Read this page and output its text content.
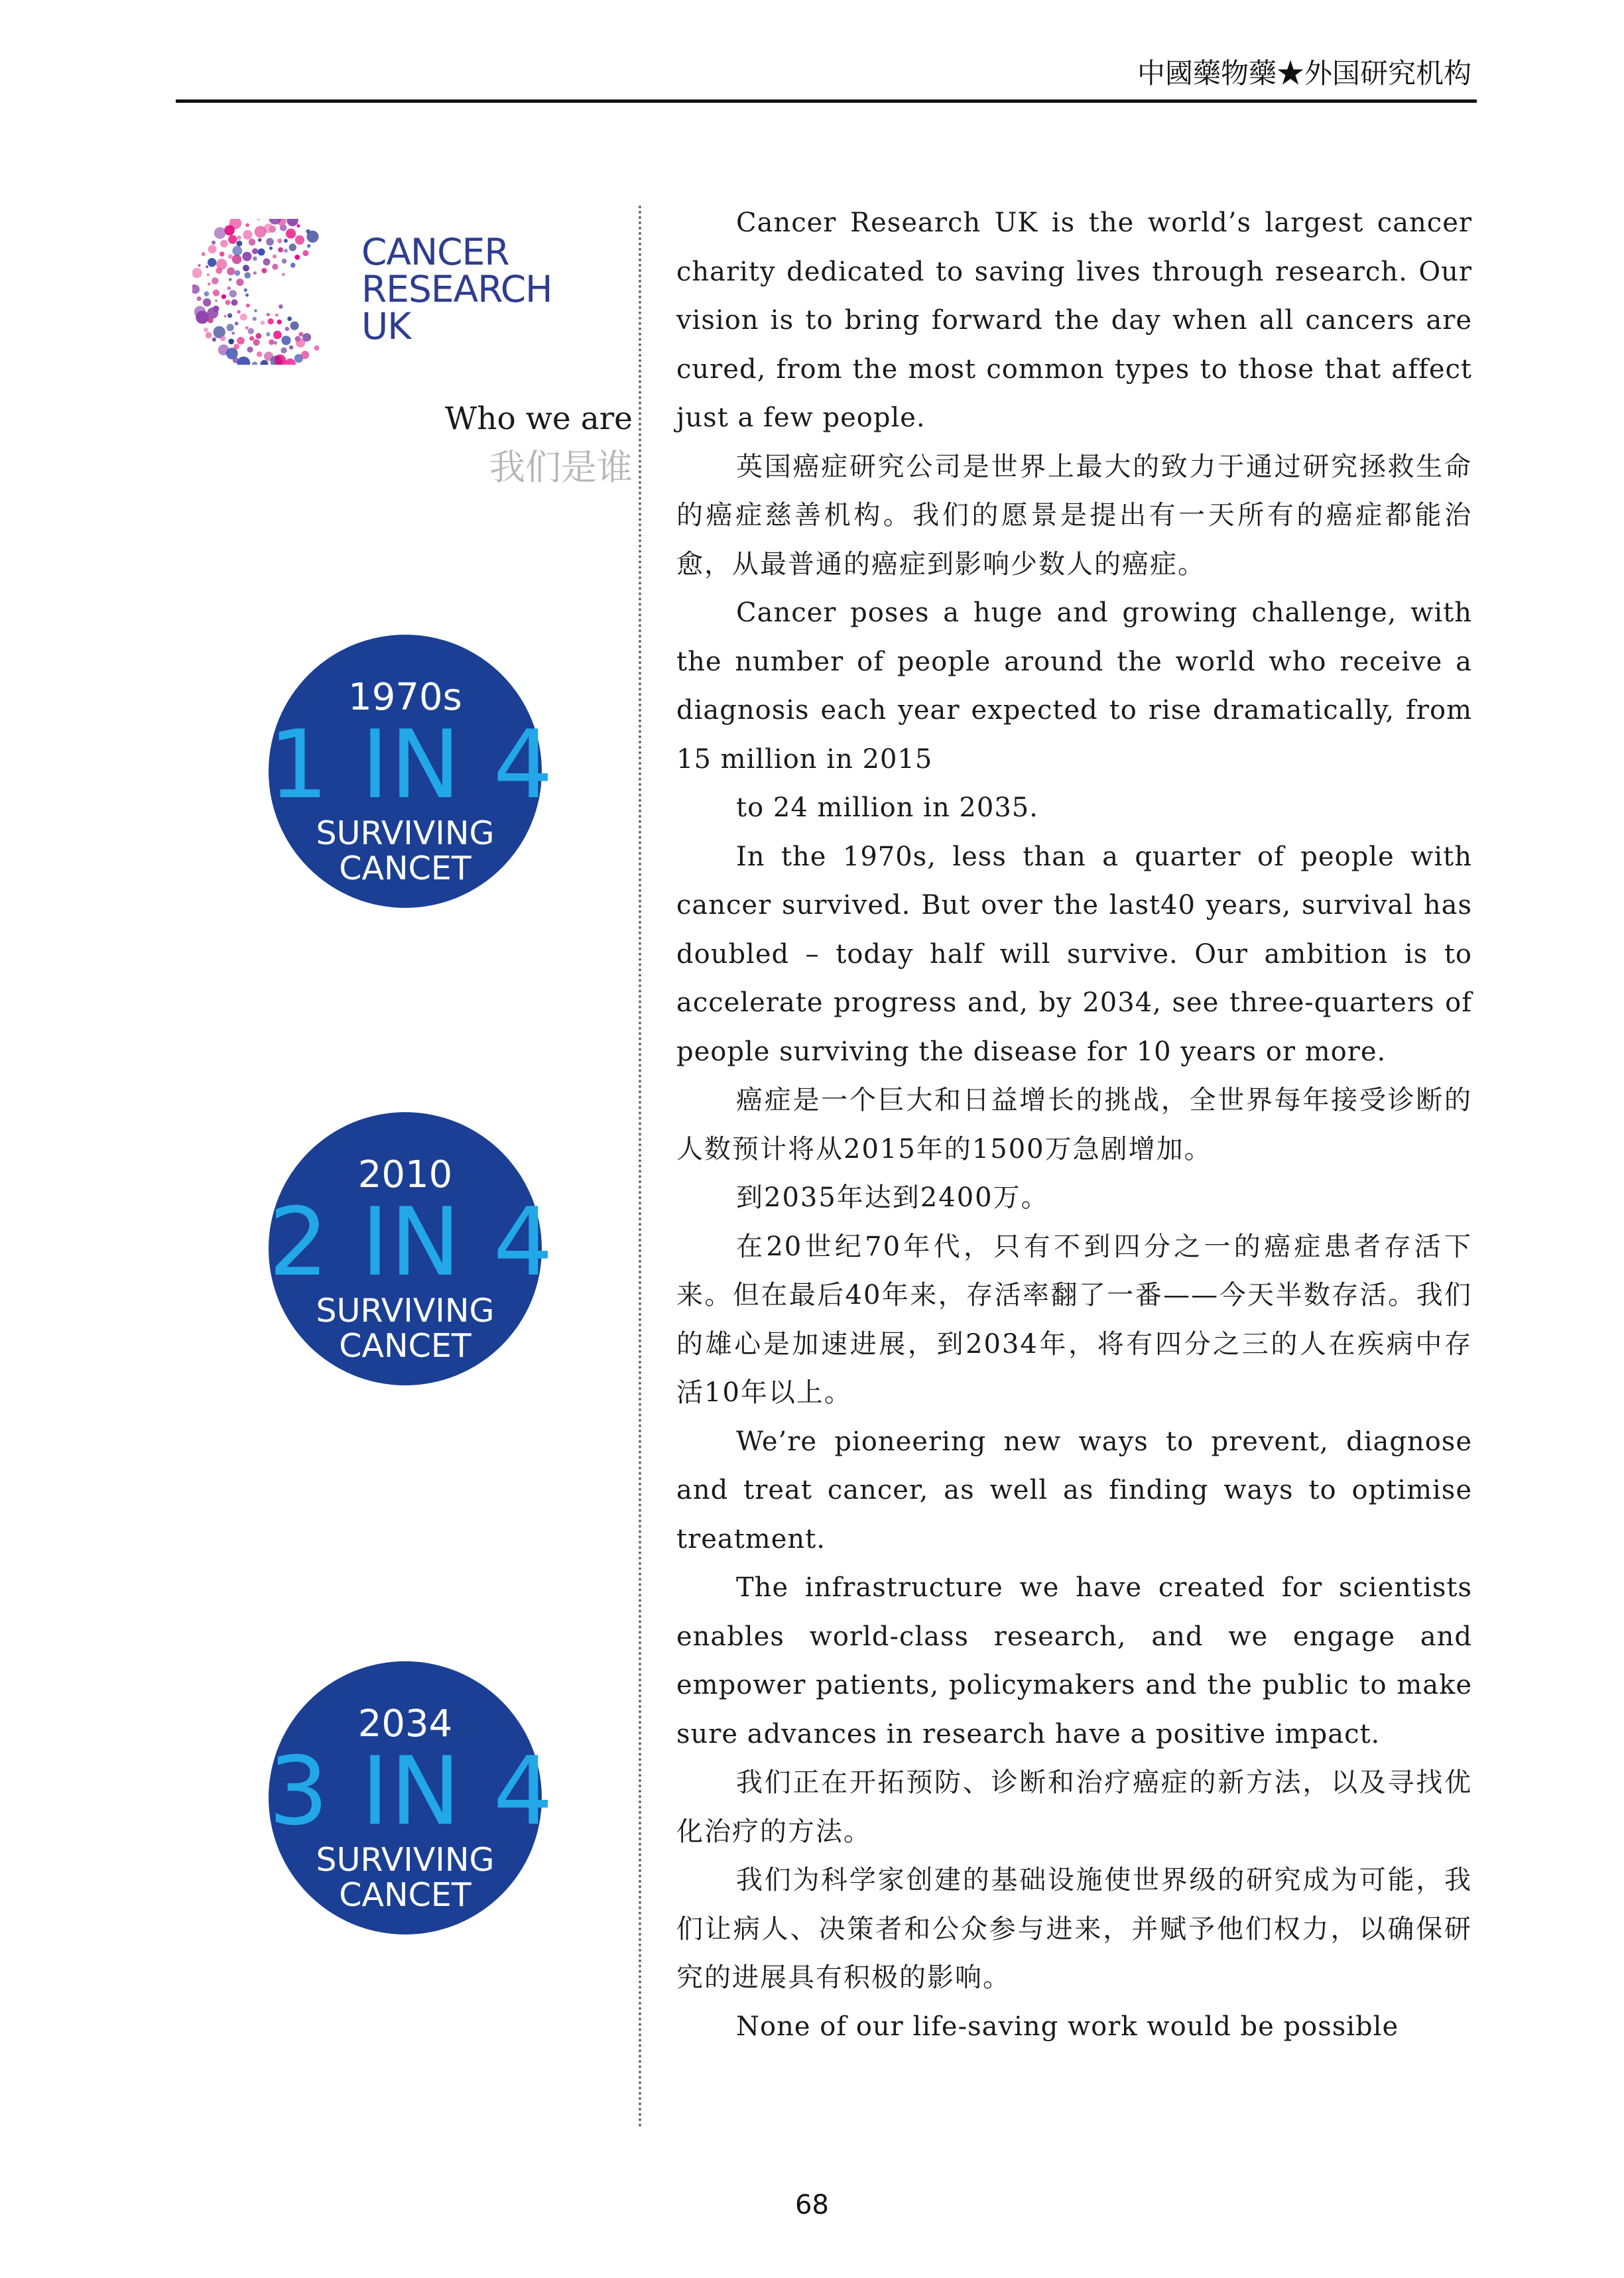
中國藥物藥★外国研究机构

CANCER
RESEARCH
UK

Who we are
我们是谁
1970s
1 IN 4
SURVIVING
CANCET
2010
2 IN 4
SURVIVING
CANCET
2034
3 IN 4
SURVIVING
CANCET

Cancer Research UK is the world’s largest cancer charity dedicated to saving lives through research. Our vision is to bring forward the day when all cancers are cured, from the most common types to those that affect just a few people.

英国癌症研究公司是世界上最大的致力于通过研究拯救生命的癌症慈善机构。我们的愿景是提出有一天所有的癌症都能治愈，从最普通的癌症到影响少数人的癌症。

Cancer poses a huge and growing challenge, with the number of people around the world who receive a diagnosis each year expected to rise dramatically, from 15 million in 2015

to 24 million in 2035.

In the 1970s, less than a quarter of people with cancer survived. But over the last40 years, survival has doubled – today half will survive. Our ambition is to accelerate progress and, by 2034, see three-quarters of people surviving the disease for 10 years or more.

癌症是一个巨大和日益增长的挑战，全世界每年接受诊断的人数预计将从2015年的1500万急剧增加。

到2035年达到2400万。

在20世纪70年代，只有不到四分之一的癌症患者存活下来。但在最后40年来，存活率翻了一番——今天半数存活。我们的雄心是加速进展，到2034年，将有四分之三的人在疾病中存活10年以上。

We’re pioneering new ways to prevent, diagnose and treat cancer, as well as finding ways to optimise treatment.

The infrastructure we have created for scientists enables world-class research, and we engage and empower patients, policymakers and the public to make sure advances in research have a positive impact.

我们正在开拓预防、诊断和治疗癌症的新方法，以及寻找优化治疗的方法。

我们为科学家创建的基础设施使世界级的研究成为可能，我们让病人、决策者和公众参与进来，并赋予他们权力，以确保研究的进展具有积极的影响。

None of our life-saving work would be possible

68
